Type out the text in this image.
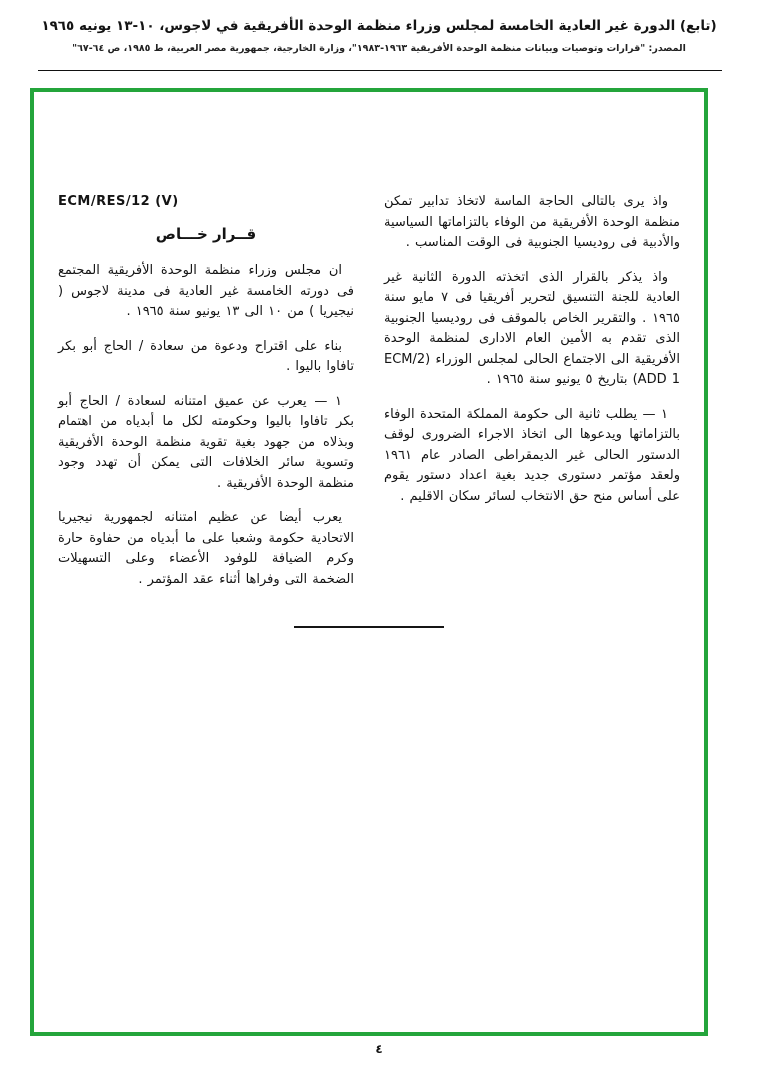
(تابع) الدورة غير العادية الخامسة لمجلس وزراء منظمة الوحدة الأفريقية في لاجوس، ١٠-١٣ يونيه ١٩٦٥
المصدر: "قرارات وتوصيات وبيانات منظمة الوحدة الأفريقية ١٩٦٣-١٩٨٣"، وزارة الخارجية، جمهورية مصر العربية، ط ١٩٨٥، ص ٦٤-٦٧"

واذ يرى بالتالى الحاجة الماسة لاتخاذ تدابير تمكن منظمة الوحدة الأفريقية من الوفاء بالتزاماتها السياسية والأدبية فى روديسيا الجنوبية فى الوقت المناسب .

واذ يذكر بالقرار الذى اتخذته الدورة الثانية غير العادية للجنة التنسيق لتحرير أفريقيا فى ٧ مايو سنة ١٩٦٥ . والتقرير الخاص بالموقف فى روديسيا الجنوبية الذى تقدم به الأمين العام الادارى لمنظمة الوحدة الأفريقية الى الاجتماع الحالى لمجلس الوزراء (ECM/2 ADD 1) بتاريخ ٥ يونيو سنة ١٩٦٥ .

١ — يطلب ثانية الى حكومة المملكة المتحدة الوفاء بالتزاماتها ويدعوها الى اتخاذ الاجراء الضرورى لوقف الدستور الحالى غير الديمقراطى الصادر عام ١٩٦١ ولعقد مؤتمر دستورى جديد بغية اعداد دستور يقوم على أساس منح حق الانتخاب لسائر سكان الاقليم .

ECM/RES/12 (V)
قــرار خـــاص

ان مجلس وزراء منظمة الوحدة الأفريقية المجتمع فى دورته الخامسة غير العادية فى مدينة لاجوس ( نيجيريا ) من ١٠ الى ١٣ يونيو سنة ١٩٦٥ .

بناء على اقتراح ودعوة من سعادة / الحاج أبو بكر تافاوا باليوا .

١ — يعرب عن عميق امتنانه لسعادة / الحاج أبو بكر تافاوا باليوا وحكومته لكل ما أبدياه من اهتمام وبذلاه من جهود بغية تقوية منظمة الوحدة الأفريقية وتسوية سائر الخلافات التى يمكن أن تهدد وجود منظمة الوحدة الأفريقية .

يعرب أيضا عن عظيم امتنانه لجمهورية نيجيريا الاتحادية حكومة وشعبا على ما أبدياه من حفاوة حارة وكرم الضيافة للوفود الأعضاء وعلى التسهيلات الضخمة التى وفراها أثناء عقد المؤتمر .

٤
